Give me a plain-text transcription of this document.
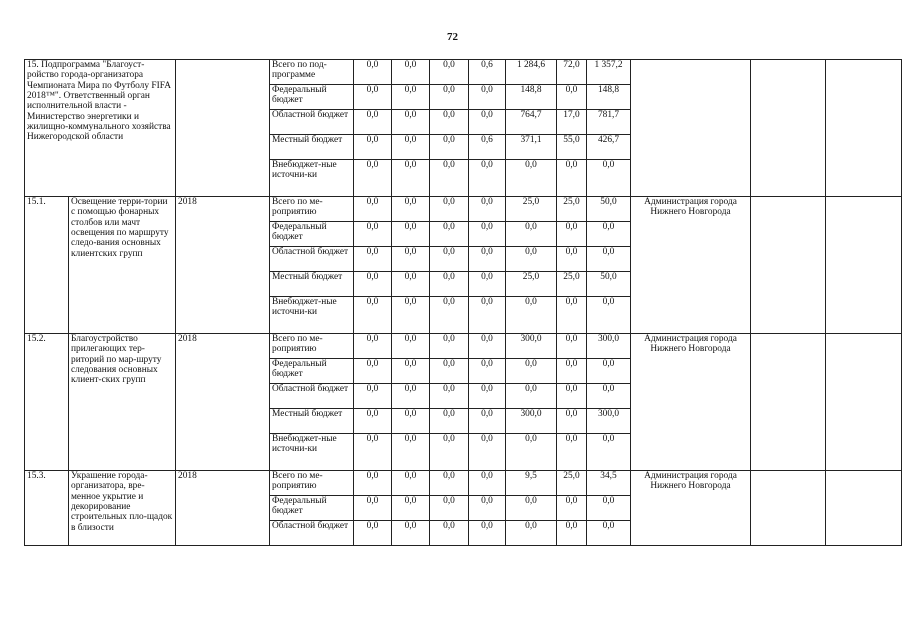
72
15. Подпрограмма "Благоуст-ройство города-организатора Чемпионата Мира по Футболу FIFA 2018™". Ответственный орган исполнительной власти - Министерство энергетики и жилищно-коммунального хозяйства Нижегородской области			Всего по под-программе	0,0	0,0	0,0	0,6	1 284,6	72,0	1 357,2			
			Федеральный бюджет	0,0	0,0	0,0	0,0	148,8	0,0	148,8			
			Областной бюджет	0,0	0,0	0,0	0,0	764,7	17,0	781,7			
			Местный бюджет	0,0	0,0	0,0	0,6	371,1	55,0	426,7			
			Внебюджет-ные источни-ки	0,0	0,0	0,0	0,0	0,0	0,0	0,0			
15.1.	Освещение терри-тории с помощью фонарных столбов или мачт освещения по маршруту следо-вания основных клиентских групп	2018	Всего по ме-роприятию	0,0	0,0	0,0	0,0	25,0	25,0	50,0	Администрация города Нижнего Новгорода		
			Федеральный бюджет	0,0	0,0	0,0	0,0	0,0	0,0	0,0			
			Областной бюджет	0,0	0,0	0,0	0,0	0,0	0,0	0,0			
			Местный бюджет	0,0	0,0	0,0	0,0	25,0	25,0	50,0			
			Внебюджет-ные источни-ки	0,0	0,0	0,0	0,0	0,0	0,0	0,0			
15.2.	Благоустройство прилегающих тер-риторий по мар-шруту следования основных клиент-ских групп	2018	Всего по ме-роприятию	0,0	0,0	0,0	0,0	300,0	0,0	300,0	Администрация города Нижнего Новгорода		
			Федеральный бюджет	0,0	0,0	0,0	0,0	0,0	0,0	0,0			
			Областной бюджет	0,0	0,0	0,0	0,0	0,0	0,0	0,0			
			Местный бюджет	0,0	0,0	0,0	0,0	300,0	0,0	300,0			
			Внебюджет-ные источни-ки	0,0	0,0	0,0	0,0	0,0	0,0	0,0			
15.3.	Украшение города-организатора, вре-менное укрытие и декорирование строительных пло-щадок в близости	2018	Всего по ме-роприятию	0,0	0,0	0,0	0,0	9,5	25,0	34,5	Администрация города Нижнего Новгорода		
			Федеральный бюджет	0,0	0,0	0,0	0,0	0,0	0,0	0,0			
			Областной бюджет	0,0	0,0	0,0	0,0	0,0	0,0	0,0			
